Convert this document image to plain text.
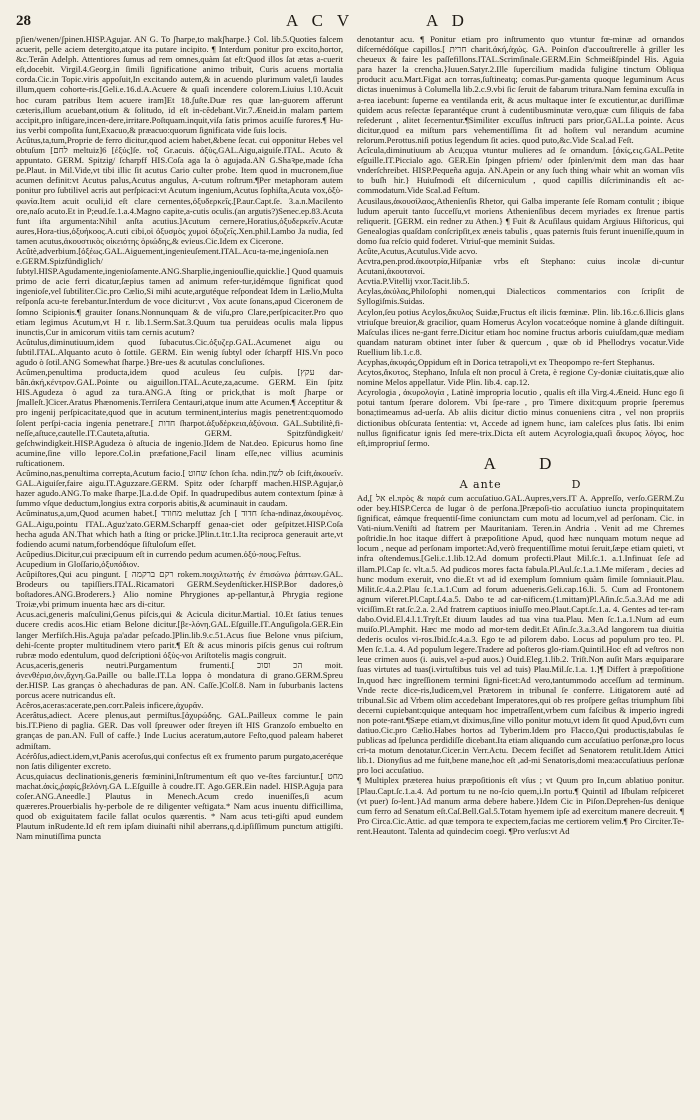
28	A C V	A D

pʃien/wenen/ʃpinen.HISP.Agujar. AN G. To ʃharpe,to makʃharpe.} Col. lib.5.Quoties falcem acuerit, pelle aciem detergito,atque ita putare incipito. ¶ Interdum ponitur pro excito,hortor, &c.Terăn Adelph. Attentiores ſumus ad rem omnes,quàm ſat eſt:Quod illos ſat ætas a-cuerit eſt,docebit. Virgil.4.Georg.in ſimili ſignificatione animo tribuit, Curis acuens mortalia corda.Cic.in Topic.viris appoſuit,In excitando autem,& in acuendo plurimum valet,ſi laudes illum,quem cohorte-ris.[Geli.e.16.d.A.Acuere & quaſi incendere colorem.Liuius l.10.Acuit hoc curam patribus Item acuere iram]Et 18.ʃuſte.Duæ res quæ lan-guorem afferunt cæteris,illum acuebant,otium & ſolitudo, id eſt in-cĕdebant.Vir.7.Æneid.in malam partem accipit,pro inſtigare,incen-dere,irritare.Poſtquam.inquit,viſa ſatis primos acuiſſe furores.¶ Hu-ius verbi compoſita ſunt,Exacuo,& præacuo:quorum ſignificata vide ſuis locis.

Acûtus,ta,tum,Proprie de ferro dicitur,quod aciem habet,&bene ſecat. cui opponitur Hebes vel obtuſum [לחם meltuiz]6 [ἐξύς]ſe. τοξ Gr.acuis. ἀξὺς,GAL.Aigu,aiguiſe.ITAL. Acuto & appuntato. GERM. Spitzig/ ſcharpff HIS.Coſa aga la ò agujada.AN G.Shaꝛpe,made ſcha pe.Plaut. in Mil.Vide,vt tibi illic ſit acutus Cario culter probe. Item quod in mucronem,ſiue acumen definit:vt Acutus palus,Acutus angulus, A-cutum roſtrum.¶Per metaphoram autem ponitur pro ſubtilivel acris aut perſpicaci:vt Acutum ingenium,Acutus ſophiſta,Acuta vox,ὀξὺ-φωνία.Item acuit oculi,id eſt clare cernentes,ὀξυδερκεῖς.[P.aur.Capt.ſe. 3.a.n.Macilento ore,naſo acuto.Et in P;eud.ſe.1.a.4.Magno capite,a-cutis oculis.(an argutis?)Senec.ep.83.Acuta funt iſta argumenta:Nihil anſta acutius.]Acutum cernere,Horatius,ὀξυδερκεῖν.Acutæ aures,Hora-tius,ὀξυήκοος.A.cuti cibi,οἱ ὀξυσμὸς χυμοὶ ὀξυζεῖς.Xen.phil.Lambo Ja nudia, ſed tamen acutus,ἀκουστικὸς οἰκειότης ὁριώδης,& evieus.Cic.Idem ex Cicerone.

Acûtè,adverbium.[ὀξέως.GAL.Aiguement,ingenieuſement.ITAL.Acu-ta-me,ingenioſa.nen e.GERM.Spizfündiglich/ſubtyl.HISP.Agudamente,ingenioſamente.ANG.Sharplie,ingeniouſlie,quicklie.] Quod quamuis primo de acie ferri dicatur,ſæpius tamen ad animum refer-tur,idémque ſignificat quod ingenioſe,vel ſubtiliter.Cic.pro Cælio,Si mihi acute,argutéque reſpondeat Idem in Lælio,Multa reſponſa acu-te ferebantur.Interdum de voce dicitur:vt , Vox acute ſonans,apud Ciceronem de ſomno Scipionis.¶ grauiter ſonans.Nonnunquam & de viſu,pro Clare,perſpicaciter.Pro quo etiam legimus Acutum,vt H r. lib.1.Serm.Sat.3.Quum tua peruideas oculis mala lippus inunctis,Cur in amicorum vitiis tam cernis acutum?

Acûtulus,diminutiuum,idem quod ſubacutus.Cic.ὀξυζερ.GAL.Acumenet aigu ou ſubtil.ITAL.Alquanto acuto ò ſottile. GERM. Ein wenig ſubtyl oder ſcharpff HIS.Vn poco agudo ò ſotil.ANG Somewhat ſharpe.}Bre-ues & acutulas concluſiones.

Acûmen,penultima producta,idem quod aculeus ſeu cuſpis. [עקץ dar-bân.ἀκή,κέντρον.GAL.Pointe ou aiguillon.ITAL.Acute,za,acume. GERM. Ein ſpitz HIS.Agudeza ò agud za tura.ANG.A ſting or prick,that is moſt ʃharpe or ʃmalleſt.]Cicer.Aratus Phænomenis.Terriſera Centauri,atque inum atte Acumen.¶ Acceptitur & pro ingenij perſpicacitate,quod que in acutum terminent,interius magis penetrent:quomodo ſolent perſpi-cacia ingenia penetrare.[ חדות ſharpot.ἀξυδέρκεια,ἀξύνοια. GAL.Subtilitè,fi-neſſe,aſtuce,cautelle.IT.Cauteta,aſtutia. GERM. Spitzfündigkeit/ geſchwindigkeit.HISP.Agudeza ò aſtucia de ingenio.]Idem de Nat.deo. Epicurus homo ſine acumine,ſine villo lepore.Col.in præfatione,Facil linam eſſe,nec villius acuminis ruſticationem.

Acûmino,nas,penultima correpta,Acutum facio.[ שחוט ſchon ſcha. ndin.לשון ob ſcift,ἀκουεῖν. GAL.Aiguiſer,faire aigu.IT.Aguzzare.GERM. Spitz oder ſcharpff machen.HISP.Agujar,ò hazer agudo.ANG.To make ſharpe.]La.d.de Opif. In quadrupedibus autem contextum ſpinæ à ſummo vſque deductum,longius extra corporis abitis,& acuminauit in caudam.

Acûminatus,a,um,Quod acumen habet.[ מחודד meluttaz ʃch [ חדוד ſcha-ndinaz,ἀκουμένος. GAL.Aigu,pointu ITAL.Aguz'zato.GERM.Scharpff genaa-ciet oder geſpitzet.HISP.Coſa hecha aguda AN.That which hath a ſting or pricke.]Plin.t.1tr.1.Ita reciproca generauit arte,vt fodiendo acumi natum,forbendóque ſiſtuloſum eſſet.

Acûpedius.Dicitur,cui præcipuum eſt in currendo pedum acumen.ὀξύ-πους.Feſtus.

Acupedium in Gloſſario,ὀξυπόδιον.

Acûpiſtores,Qui acu pingunt. [ רקם ברקמה rokem.ποιχιλτωτής ἐν ἐπισώνω ῥάπτων.GAL. Brodeurs ou tapiſſiers.ITAL.Ricamatori GERM.Seydenſticker.HISP.Bor dadores,ò boſtadores.ANG.Broderers.} Alio nomine Phrygiones ap-pellantur,à Phrygia regione Troiæ,vbi primum inuenta hæc ars di-citur.

Acus.aci,generis maſculini,Genus piſcis,qui & Acicula dicitur.Martial. 10.Et ſatius tenues ducere credis acos.Hic etiam Belone dicitur.[βε-λόνη.GAL.Eſguille.IT.Anguſigola.GER.Ein langer Merfiſch.His.Aguja pa'adar peſcado.]Plin.lib.9.c.51.Acus ſiue Belone vnus piſcium, dehi-ſcente propter multitudinem vtero parit.¶ Eſt & acus minoris piſcis genus cui roſtrum rubræ modo edentulum, quod deſcriptioni ὀξὺς-νοι Ariſtotelis magis congruit.

Acus,aceris,generis neutri.Purgamentum frumenti.[ הכ וסוכ moit. ἀνενθέρισ,ὀιν,ἄχνη.Ga.Paille ou balle.IT.La loppa ò mondatura di grano.GERM.Spreu der.HISP. Las granças ò ahechaduras de pan. AN. Caſſe.]Colſ.8. Nam in ſuburbanis lactens porcus acere nutricandus eſt.

Acêros,aceras:acerate,pen.corr.Paleis inficere,ἀχυρᾶν.

Acerâtus,adiect. Acere plenus,aut permiſtus.[ἀχυρώδης. GAL.Pailleux comme le pain bis.IT.Pieno di paglia. GER. Das voll ſpreuwer oder ſtreyen iſt HIS Granzoſo embuelto en granças de pan.AN. Full of caffe.} Inde Lucius aceratum,autore Feſto,quod paleam haberet admiſtam.

Acérôſus,adiect.idem,vt,Panis aceroſus,qui confectus eſt ex frumento parum purgato,aceréque non ſatis diligenter excreto.

Acus,quiacus declinationis,generis fœminini,Inſtrumentum eſt quo ve-ſtes farciuntur.[ מחט machat.ἀκίς,ῥαφίς,βελόνη.GA L.Eſguille à coudre.IT. Ago.GER.Ein nadel. HISP.Aguja para coſer.ANG.Aneedle.] Plautus in Menech.Acum credo inueniſſes,ſi acum quæreres.Prouerbialis hy-perbole de re diligenter veſtigata.* Nam acus inuentu difficillima, quod ob exiguitatem facile fallat oculos quærentis. * Nam acus teti-giſti apud eundem Plautum inRudente.Id eſt rem ipſam diuinaſti nihil aberrans,q.d.ipſiſſimum punctum attigiſti. Nam minutiſſima puncta

denotantur acu. ¶ Ponitur etiam pro inſtrumento quo vtuntur fœ-minæ ad ornandos diſcernédóſque capillos.[ חרית charit.ἀκή,ἀχώς. GA. Poinſon d'accouſtrerelle à griller les cheueux & faire les paſſefillons.ITAL.Scrimſinale.GERM.Ein Schmeißſpindel His. Aguia para hazer la crencha.}Iuuen.Satyr.2.Ille ſupercilium madida fuligine tinctum Obliqua producit acu.Mart.Figat acn torras,ſuſtineatq; comas.Pur-gamenta quoque leguminum Acus dictas inuenimus à Columella lib.2.c.9.vbi ſic ſeruit de fabarum tritura.Nam femina excuſſa in a-rea iacebunt: ſuperne ea ventilanda erit, & acus multaque inter ſe excutientur,ac duriſſimæ quidem acus reſectæ ſeparantéque crunt à cudentibusminutæ vero,quæ cum ſiliquis de faba reſederunt , alitet ſecernentur.¶Similiter excuſſus inſtructi pars prior,GAL.La pointe. Acus dicitur,quod ea miſtum pars vehementiſſima ſit ad hoſtem vul nerandum acumine relorum.Perottus.niſi potius legendum ſit acies. quod puto,&c.Vide Scal.ad Feſt.

Acîcula,diminutiuum ab Acu;qua vtuntur mulieres ad ſe ornandum. [ἀκίς,ϵις.GAL.Petite eſguille.IT.Piccialo ago. GER.Ein ſpingen pfriem/ oder ſpinlen/mit dem man das haar vnderſchreibet. HISP.Pequeña aguja. AN.Apein or any ſuch thing whair whit an woman vſis to buſh hir.} Huiuſmodi eſt diſcerniculum , quod capillis diſcriminandis eſt ac-commodatum.Vide Scal.ad Feſtum.

Acusilaus,ἀκουσίλαος,Athenienſis Rhetor, qui Galba imperante ſeſe Romam contulit ; ibique ludum aperuit tanto ſucceſſu,vt moriens Athenienſibus decem myriades ex ſtrenue partis reliquerit. [GERM. ein redner zu Athen.} ¶ Fuit & Acuſilaus quidam Argiuus Hiſtoricus, qui Genealogias quaſdam conſcripſit,ex æneis tabulis , quas paternis ſtuis ferunt inueniſſe,quum in domo ſua reſcio quid foderet. Vtriuſ-que meminit Suidas.

Acûte,Acutus,Acutulus.Vide acvo.

Acvtra,pen.prod.ἀκουτρία,Hiſpaniæ vrbs eſt Stephano: cuius incolæ di-cuntur Acutani,ἀκουτανοί.

Acvtia.P.Vitellij vxor.Tacit.lib.5.

Acylas,ἀκύλας,Philoſophi nomen,qui Dialecticos commentarios con ſcripſit de Syllogiſmis.Suidas.

Acylon,ſeu potius Acylos,ἄκυλος Suidæ,Fructus eſt ilicis fœminæ. Plin. lib.16.c.6.Ilicis glans vtriuſque breuior,& gracilior, quam Homerus Acylon vocat:eóque nomine à glande diſtinguit. Maſculas ilices ne-gant ferre.Dicitur etiam hoc nomine fructus arboris cuiuſdam,quæ mediam quandam naturam obtinet inter ſuber & quercum , quæ ob id Phellodrys vocatur.Vide Ruellium lib.1.c.8.

Acyphas,ἀκυφάς,Oppidum eſt in Dorica tetrapoli,vt ex Theopompo re-fert Stephanus.

Acytos,ἄκυτος, Stephano, Inſula eſt non procul à Creta, è regione Cy-doniæ ciuitatis,quæ alio nomine Melos appellatur. Vide Plin. lib.4. cap.12.

Acyrologia , ἀκυρολογία , Latinè impropria locutio , qualis eſt illa Virg.4.Æneid. Hunc ego ſi potui tantum ſperare dolorem. Vbi ſpe-rare , pro Timere dixit:quum proprie ſperemus bona;timeamus ad-uerſa. Ab aliis dicitur dictio minus conueniens citra , vel non propriis dictionibus obſcurata ſententia: vt, Accede ad ignem hunc, iam caleſces plus ſatis. Ibi enim nullus ſignificatur ignis ſed mere-trix.Dicta eſt autem Acyrologia,quaſi ἄκυρος λόγος, hoc eſt,impropriuſ ſermo.

A D
A ante	D

Ad,[ אל el.πρὸς & παρά cum accuſatiuo.GAL.Aupres,vers.IT A. Appreſſo, verſo.GERM.Zu oder bey.HISP.Cerca de lugar ò de perſona.]Præpoſi-tio accuſatiuo iuncta propinquitatem ſignificat, eámque frequentiſ-ſime coniunctam cum motu ad locum,vel ad perſonam. Cic. in Vati-nium.Veniſti ad ſtatrem per Mauritaniam. Teren.in Andria . Venit ad me Chremes poſtridie.In hoc itaque differt à præpoſitione Apud, quod hæc nunquam motum neque ad locum , neque ad perſonam importet:Ad,verò frequentiſſime motui ſeruit,ſæpe etiam quieti, vt infra oſtendemus.[Geli.c.1.lib.12.Ad domum profecti.Plaut Mil.ſc.1. a.1.Infinuat ſeſe ad illam.Pl.Cap ſc. vlt.a.5. Ad pudicos mores facta fabula.Pl.Aul.ſc.1.a.1.Me miſeram , decies ad hunc modum exeruit, vno die.Et vt ad id exemplum ſomnium quàm ſimile ſomniauit.Plau. Milit.ſc.4.a.2.Plau ſc.1.a.1.Cum ad forum adueneris.Geli.cap.16.li. 5. Cum ad Frontonem agnum viſeret.Pl.Capt.ſ.4.a.5. Dabo te ad car-nificem.(1.mittam)Pl.Aſin.ſc.5.a.3.Ad me adi viciſſim.Et rat.ſc.2.a. 2.Ad fratrem captiuos iniuſſo meo.Plaut.Capt.ſc.1.a. 4. Gentes ad ter-ram dabo.Ovid.El.4.l.1.Tryſt.Et diuum laudes ad tua vina tua.Plau. Men ſc.1.a.1.Num ad eum muiſo.Pl.Amphit. Hæc me modo ad mor-tem dedit.Et Aſin.ſc.3.a.3.Ad langorem tua diuitia dederis oculos vi-ros.Ibid.ſc.4.a.3. Ego te ad pilorem dabo. Locus ad populum pro teo. Pl. Men ſc.1.a. 4. Ad populum legere.Tradere ad poſteros glo-riam.Quintil.Hoc eſt ad veſtros non leue crimen auos (i. auis,vel a-pud auos.) Ouid.Eleg.1.lib.2. Triſt.Non auſit Mars æquiparare ſuas virtutes ad tuas(i.virtuſtibus tuis vel ad tuis) Plau.Mil.ſc.1.a. 1.]¶ Differt à præpoſitione In,quod hæc ingreſſionem termini ſigni-ficet:Ad vero,tantummodo acceſſum ad terminum. Vnde recte dice-ris,Iudicem,vel Prætorem in tribunal ſe conferre. Litigatorem auté ad tribunal.Sic ad Vrbem olim accedebant Imperatores,qui ob res proſpere geſtas triumphum ſibi decerni cupiebant:quique antequam hoc impetraſſent,vrbem cum faſcibus & imperio ingredi non pote-rant.¶Sæpe etiam,vt diximus,ſine villo ponitur motu,vt idem ſit quod Apud,ὄντι cum datiuo.Cic.pro Cælio.Habes hortos ad Tyberim.Idem pro Flacco,Qui productis,tabulas ſe publicas ad ſpelunca perdidiſſe dicebant.Ita etiam aliquando cum accuſatiuo perſonæ,pro locus cri-ta motum denotatur.Cicer.in Verr.Actu. Decem feciſſet ad Senatorem retulit.Idem Attici lib.1. Dionyſius ad me fuit,bene mane,hoc eſt ,ad-mi Senatoris,domi mea:accuſatiuus perſonæ pro loci accuſatiuo.

¶ Multiplex præterea huius præpoſitionis eſt vſus ; vt Quum pro In,cum ablatiuo ponitur.[Plau.Capt.ſc.1.a.4. Ad portum tu ne no-ſcio quem,i.In portu.¶ Quintil ad Iſbulam reſpiceret (vt puer) ſo-lent.}Ad manum arma debere habere.}Idem Cic in Piſon.Deprehen-ſus denique cum ferro ad Senatum eſt.Caſ.Bell.Gal.5.Totam hyemem ipſe ad exercitum manere decreuit. ¶ Pro Circa.Cic.Attic. ad quæ tempora te expectem,facias me certiorem velim.¶ Pro Circiter.Te-rent.Heautont. Talenta ad quindecim coegi. ¶Pro verſus:vt Ad
